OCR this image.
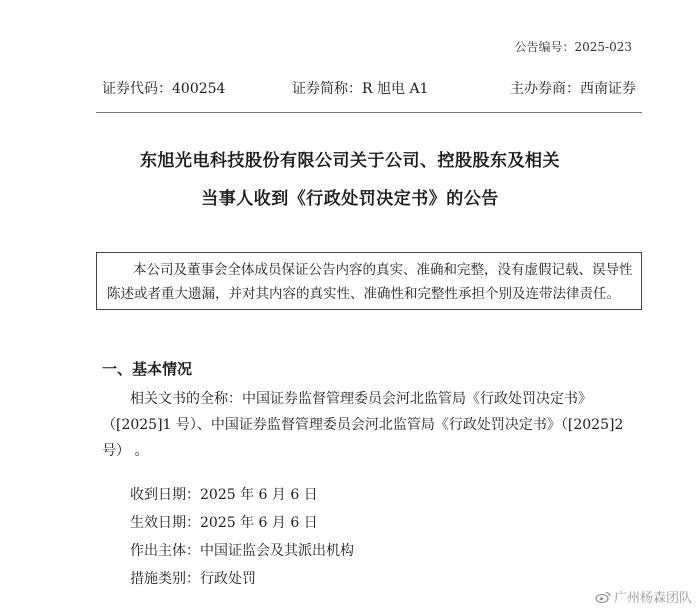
公告编号：2025-023
证券代码：400254	证券简称：R 旭电 A1	主办券商：西南证券
东旭光电科技股份有限公司关于公司、控股股东及相关
当事人收到《行政处罚决定书》的公告

本公司及董事会全体成员保证公告内容的真实、准确和完整，没有虚假记载、误导性

陈述或者重大遗漏，并对其内容的真实性、准确性和完整性承担个别及连带法律责任。

一、基本情况
相关文书的全称：中国证券监督管理委员会河北监管局《行政处罚决定书》
（[2025]1 号）、中国证券监督管理委员会河北监管局《行政处罚决定书》（[2025]2
号） 。
收到日期：2025 年 6 月 6 日
生效日期：2025 年 6 月 6 日
作出主体：中国证监会及其派出机构
措施类别：行政处罚
广州杨森团队
